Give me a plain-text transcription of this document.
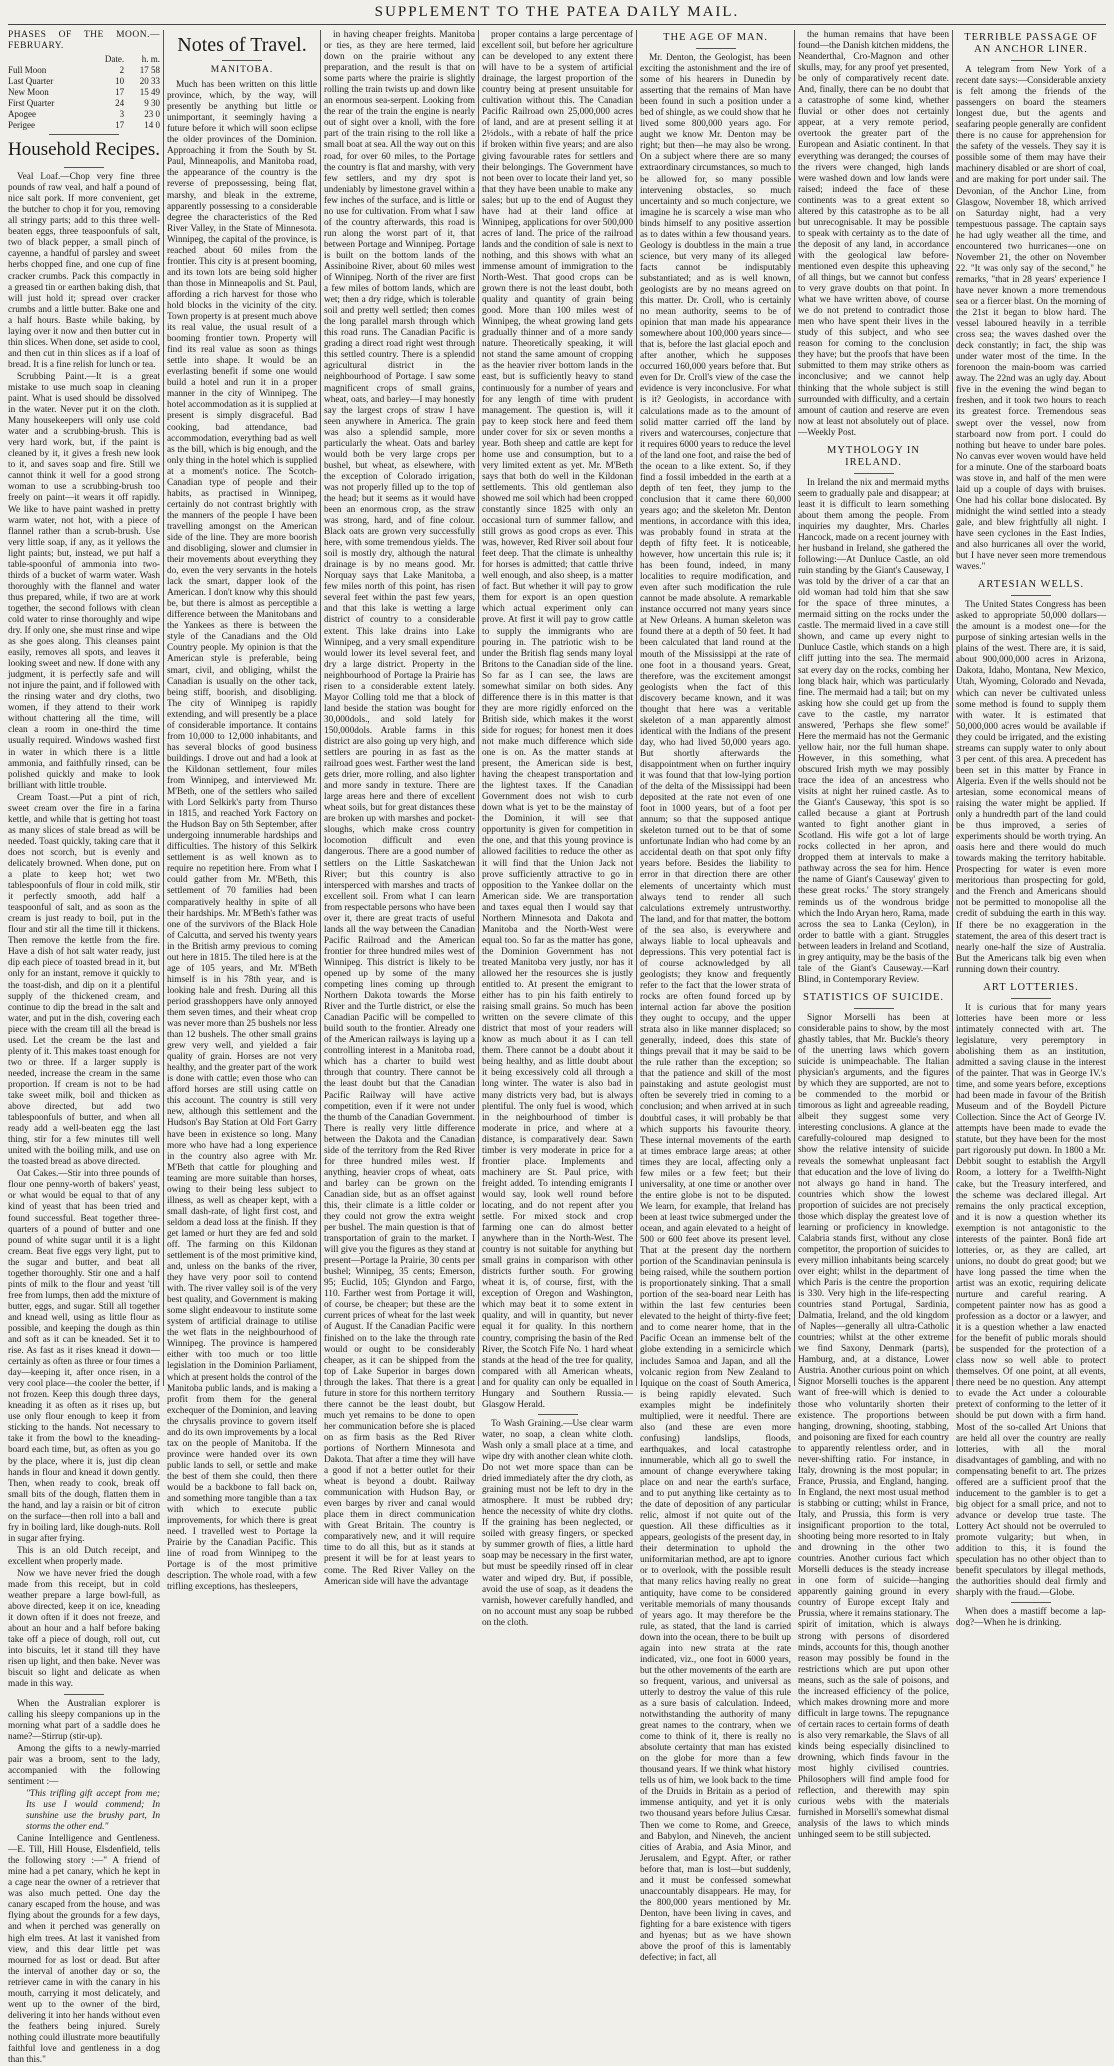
SUPPLEMENT TO THE PATEA DAILY MAIL.
PHASES OF THE MOON.—FEBRUARY.
	Date.	h. m.
Full Moon	2	17 58
Last Quarter	10	20 33
New Moon	17	15 49
First Quarter	24	9 30
Apogee	3	23 0
Perigee	17	14 0
Household Recipes.

Veal Loaf.—Chop very fine three pounds of raw veal, and half a pound of nice salt pork. If more convenient, get the butcher to chop it for you, removing all stringy parts; add to this three well-beaten eggs, three teaspoonfuls of salt, two of black pepper, a small pinch of cayenne, a handful of parsley and sweet herbs chopped fine, and one cup of fine cracker crumbs. Pack this compactly in a greased tin or earthen baking dish, that will just hold it; spread over cracker crumbs and a little butter. Bake one and a half hours. Baste while baking, by laying over it now and then butter cut in thin slices. When done, set aside to cool, and then cut in thin slices as if a loaf of bread. It is a fine relish for lunch or tea.

Scrubbing Paint.—It is a great mistake to use much soap in cleaning paint. What is used should be dissolved in the water. Never put it on the cloth. Many housekeepers will only use cold water and a scrubbing-brush. This is very hard work, but, if the paint is cleaned by it, it gives a fresh new look to it, and saves soap and fire. Still we cannot think it well for a good strong woman to use a scrubbing-brush too freely on paint—it wears it off rapidly. We like to have paint washed in pretty warm water, not hot, with a piece of flannel rather than a scrub-brush. Use very little soap, if any, as it yellows the light paints; but, instead, we put half a table-spoonful of ammonia into two-thirds of a bucket of warm water. Wash thoroughly with the flannel and water thus prepared, while, if two are at work together, the second follows with clean cold water to rinse thoroughly and wipe dry. If only one, she must rinse and wipe as she goes along. This cleanses paint easily, removes all spots, and leaves it looking sweet and new. If done with any judgment, it is perfectly safe and will not injure the paint, and if followed with the rinsing water and dry cloths, two women, if they attend to their work without chattering all the time, will clean a room in one-third the time usually required. Windows washed first in water in which there is a little ammonia, and faithfully rinsed, can be polished quickly and make to look brilliant with little trouble.

Cream Toast.—Put a pint of rich, sweet cream over the fire in a farina kettle, and while that is getting hot toast as many slices of stale bread as will be needed. Toast quickly, taking care that it does not scorch, but is evenly and delicately browned. When done, put on a plate to keep hot; wet two tablespoonfuls of flour in cold milk, stir it perfectly smooth, add half a teaspoonful of salt, and as soon as the cream is just ready to boil, put in the flour and stir all the time till it thickens. Then remove the kettle from the fire. Have a dish of hot salt water ready, just dip each piece of toasted bread in it, but only for an instant, remove it quickly to the toast-dish, and dip on it a plentiful supply of the thickened cream, and continue to dip the bread in the salt and water, and put in the dish, covering each piece with the cream till all the bread is used. Let the cream be the last and plenty of it. This makes toast enough for two or three. If a larger supply is needed, increase the cream in the same proportion. If cream is not to be had take sweet milk, boil and thicken as above directed, but add two tablespoonfuls of butter, and when all ready add a well-beaten egg the last thing, stir for a few minutes till well united with the boiling milk, and use on the toasted bread as above directed.

Oat Cakes.—Stir into three pounds of flour one penny-worth of bakers' yeast, or what would be equal to that of any kind of yeast that has been tried and found successful. Beat together three-quarters of a pound of butter and one pound of white sugar until it is a light cream. Beat five eggs very light, put to the sugar and butter, and beat all together thoroughly. Stir one and a half pints of milk to the flour and yeast 'till free from lumps, then add the mixture of butter, eggs, and sugar. Still all together and knead well, using as little flour as possible, and keeping the dough as thin and soft as it can be kneaded. Set it to rise. As fast as it rises knead it down—certainly as often as three or four times a day—keeping it, after once risen, in a very cool place—the cooler the better, if not frozen. Keep this dough three days, kneading it as often as it rises up, but use only flour enough to keep it from sticking to the hands. Not necessary to take it from the bowl to the kneading-board each time, but, as often as you go by the place, where it is, just dip clean hands in flour and knead it down gently. Then, when ready to cook, break off small bits of the dough, flatten them in the hand, and lay a raisin or bit of citron on the surface—then roll into a ball and fry in boiling lard, like dough-nuts. Roll in sugar after frying.

This is an old Dutch receipt, and excellent when properly made.

Now we have never fried the dough made from this receipt, but in cold weather prepare a large bowl-full, as above directed, keep it on ice, kneading it down often if it does not freeze, and about an hour and a half before baking take off a piece of dough, roll out, cut into biscuits, let it stand till they have risen up light, and then bake. Never was biscuit so light and delicate as when made in this way.

When the Australian explorer is calling his sleepy companions up in the morning what part of a saddle does he name?—Stirrup (stir-up).

Among the gifts to a newly-married pair was a broom, sent to the lady, accompanied with the following sentiment :—

"This trifling gift accept from me; Its use I would commend; In sunshine use the brushy part, In storms the other end."

Canine Intelligence and Gentleness.—E. Till, Hill House, Elsdenfield, tells the following story :—" A friend of mine had a pet canary, which he kept in a cage near the owner of a retriever that was also much petted. One day the canary escaped from the house, and was flying about the grounds for a few days, and when it perched was generally on high elm trees. At last it vanished from view, and this dear little pet was mourned for as lost or dead. But after the interval of another day or so, the retriever came in with the canary in his mouth, carrying it most delicately, and went up to the owner of the bird, delivering it into her hands without even the feathers being injured. Surely nothing could illustrate more beautifully faithful love and gentleness in a dog than this."

Notes of Travel.
MANITOBA.

Much has been written on this little province, which, by the way, will presently be anything but little or unimportant, it seemingly having a future before it which will soon eclipse the older provinces of the Dominion. Approaching it from the South by St. Paul, Minneapolis, and Manitoba road, the appearance of the country is the reverse of prepossessing, being flat, marshy, and bleak in the extreme, apparently possessing to a considerable degree the characteristics of the Red River Valley, in the State of Minnesota. Winnipeg, the capital of the province, is reached about 60 miles from the frontier. This city is at present booming, and its town lots are being sold higher than those in Minneapolis and St. Paul, affording a rich harvest for those who hold blocks in the vicinity of the city. Town property is at present much above its real value, the usual result of a booming frontier town. Property will find its real value as soon as things settle into shape. It would be an everlasting benefit if some one would build a hotel and run it in a proper manner in the city of Winnipeg. The hotel accommodation as it is supplied at present is simply disgraceful. Bad cooking, bad attendance, bad accommodation, everything bad as well as the bill, which is big enough, and the only thing in the hotel which is supplied at a moment's notice. The Scotch-Canadian type of people and their habits, as practised in Winnipeg, certainly do not contrast brightly with the manners of the people I have been travelling amongst on the American side of the line. They are more boorish and disobliging, slower and clumsier in their movements about everything they do, even the very servants in the hotels lack the smart, dapper look of the American. I don't know why this should be, but there is almost as perceptible a difference between the Manitobans and the Yankees as there is between the style of the Canadians and the Old Country people. My opinion is that the American style is preferable, being smart, civil, and obliging, whilst the Canadian is usually on the other tack, being stiff, boorish, and disobliging. The city of Winnipeg is rapidly extending, and will presently be a place of considerable importance. It contains from 10,000 to 12,000 inhabitants, and has several blocks of good business buildings. I drove out and had a look at the Kildonan settlement, four miles from Winnipeg, and interviewed Mr. M'Beth, one of the settlers who sailed with Lord Selkirk's party from Thurso in 1815, and reached York Factory on the Hudson Bay on 5th September, after undergoing innumerable hardships and difficulties. The history of this Selkirk settlement is as well known as to require no repetition here. From what I could gather from Mr. M'Beth, this settlement of 70 families had been comparatively healthy in spite of all their hardships. Mr. M'Beth's father was one of the survivors of the Black Hole of Calcutta, and served his twenty years in the British army previous to coming out here in 1815. The tiled here is at the age of 105 years, and Mr. M'Beth himself is in his 78th year, and is looking hale and fresh. During all this period grasshoppers have only annoyed them seven times, and their wheat crop was never more than 25 bushels nor less than 12 bushels. The other small grains grew very well, and yielded a fair quality of grain. Horses are not very healthy, and the greater part of the work is done with cattle; even those who can afford horses are still using cattle on this account. The country is still very new, although this settlement and the Hudson's Bay Station at Old Fort Garry have been in existence so long. Many more who have had a long experience in the country also agree with Mr. M'Beth that cattle for ploughing and teaming are more suitable than horses, owing to their being less subject to illness, as well as cheaper kept, with a small dash-rate, of light first cost, and seldom a dead loss at the finish. If they get lamed or hurt they are fed and sold off. The farming on this Kildonan settlement is of the most primitive kind, and, unless on the banks of the river, they have very poor soil to contend with. The river valley soil is of the very best quality, and Government is making some slight endeavour to institute some system of artificial drainage to utilise the wet flats in the neighbourhood of Winnipeg. The province is hampered either with too much or too little legislation in the Dominion Parliament, which at present holds the control of the Manitoba public lands, and is making a profit from them for the general exchequer of the Dominion, and leaving the chrysalis province to govern itself and do its own improvements by a local tax on the people of Manitoba. If the province were handed over its own public lands to sell, or settle and make the best of them she could, then there would be a backbone to fall back on, and something more tangible than a tax with which to execute public improvements, for which there is great need. I travelled west to Portage la Prairie by the Canadian Pacific. This line of road from Winnipeg to the Portage is of the most primitive description. The whole road, with a few trifling exceptions, has thesleepers,

in having cheaper freights. Manitoba or ties, as they are here termed, laid down on the prairie without any preparation, and the result is that on some parts where the prairie is slightly rolling the train twists up and down like an enormous sea-serpent. Looking from the rear of the train the engine is nearly out of sight over a knoll, with the fore part of the train rising to the roll like a small boat at sea. All the way out on this road, for over 60 miles, to the Portage the country is flat and marshy, with very few settlers, and my dry spot is undeniably by limestone gravel within a few inches of the surface, and is little or no use for cultivation. From what I saw of the country afterwards, this road is run along the worst part of it, that between Portage and Winnipeg. Portage is built on the bottom lands of the Assiniboine River, about 60 miles west of Winnipeg. North of the river are first a few miles of bottom lands, which are wet; then a dry ridge, which is tolerable soil and pretty well settled; then comes the long parallel marsh through which this road runs. The Canadian Pacific is grading a direct road right west through this settled country. There is a splendid agricultural district in the neighbourhood of Portage. I saw some magnificent crops of small grains, wheat, oats, and barley—I may honestly say the largest crops of straw I have seen anywhere in America. The grain was also a splendid sample, more particularly the wheat. Oats and barley would both be very large crops per bushel, but wheat, as elsewhere, with the exception of Colorado irrigation, was not properly filled up to the top of the head; but it seems as it would have been an enormous crop, as the straw was strong, hard, and of fine colour. Black oats are grown very successfully here, with some tremendous yields. The soil is mostly dry, although the natural drainage is by no means good. Mr. Norquay says that Lake Manitoba, a few miles north of this point, has risen several feet within the past few years, and that this lake is wetting a large district of country to a considerable extent. This lake drains into Lake Winnipeg, and a very small expenditure would lower its level several feet, and dry a large district. Property in the neighbourhood of Portage la Prairie has risen to a considerable extent lately. Mayor Colling told me that a block of land beside the station was bought for 30,000dols., and sold lately for 150,000dols. Arable farms in this district are also going up very high, and settlers are pouring in as fast as the railroad goes west. Farther west the land gets drier, more rolling, and also lighter and more sandy in texture. There are large areas here and there of excellent wheat soils, but for great distances these are broken up with marshes and pocket-sloughs, which make cross country locomotion difficult and even dangerous. There are a good number of settlers on the Little Saskatchewan River; but this country is also intersperced with marshes and tracts of excellent soil. From what I can learn from respectable persons who have been over it, there are great tracts of useful lands all the way between the Canadian Pacific Railroad and the American frontier for three hundred miles west of Winnipeg. This district is likely to be opened up by some of the many competing lines coming up through Northern Dakota towards the Morse River and the Turtle district, or else the Canadian Pacific will be compelled to build south to the frontier. Already one of the American railways is laying up a controlling interest in a Manitoba road, which has a charter to build west through that country. There cannot be the least doubt but that the Canadian Pacific Railway will have active competition, even if it were not under the thumb of the Canadian Government. There is really very little difference between the Dakota and the Canadian side of the territory from the Red River for three hundred miles west. If anything, heavier crops of wheat, oats and barley can be grown on the Canadian side, but as an offset against this, their climate is a little colder or they could not grow the extra weight per bushel. The main question is that of transportation of grain to the market. I will give you the figures as they stand at present—Portage la Prairie, 30 cents per bushel; Winnipeg, 35 cents; Emerson, 95; Euclid, 105; Glyndon and Fargo, 110. Farther west from Portage it will, of course, be cheaper; but these are the current prices of wheat for the last week of August. If the Canadian Pacific were finished on to the lake the through rate would or ought to be considerably cheaper, as it can be shipped from the top of Lake Superior in barges down through the lakes. That there is a great future in store for this northern territory there cannot be the least doubt, but much yet remains to be done to open her communication before she is placed on as firm basis as the Red River portions of Northern Minnesota and Dakota. That after a time they will have a good if not a better outlet for their wheat is beyond a doubt. Railway communication with Hudson Bay, or even barges by river and canal would place them in direct communication with Great Britain. The country is comparatively new, and it will require time to do all this, but as it stands at present it will be for at least years to come. The Red River Valley on the American side will have the advantage

proper contains a large percentage of excellent soil, but before her agriculture can be developed to any extent there will have to be a system of artificial drainage, the largest proportion of the country being at present unsuitable for cultivation without this. The Canadian Pacific Railroad own 25,000,000 acres of land, and are at present selling it at 2½dols., with a rebate of half the price if broken within five years; and are also giving favourable rates for settlers and their belongings. The Government have not been over to locate their land yet, so that they have been unable to make any sales; but up to the end of August they have had at their land office at Winnipeg, applications for over 500,000 acres of land. The price of the railroad lands and the condition of sale is next to nothing, and this shows with what an immense amount of immigration to the North-West. That good crops can be grown there is not the least doubt, both quality and quantity of grain being good. More than 100 miles west of Winnipeg, the wheat growing land gets gradually thinner and of a more sandy nature. Theoretically speaking, it will not stand the same amount of cropping as the heavier river bottom lands in the east, but is sufficiently heavy to stand continuously for a number of years and for any length of time with prudent management. The question is, will it pay to keep stock here and feed them under cover for six or seven months a year. Both sheep and cattle are kept for home use and consumption, but to a very limited extent as yet. Mr. M'Beth says that both do well in the Kildonan settlements. This old gentleman also showed me soil which had been cropped constantly since 1825 with only an occasional turn of summer fallow, and still grows as good crops as ever. This was, however, Red River soil about four feet deep. That the climate is unhealthy for horses is admitted; that cattle thrive well enough, and also sheep, is a matter of fact. But whether it will pay to grow them for export is an open question which actual experiment only can prove. At first it will pay to grow cattle to supply the immigrants who are pouring in. The patriotic wish to be under the British flag sends many loyal Britons to the Canadian side of the line. So far as I can see, the laws are somewhat similar on both sides. Any difference there is in this matter is that they are more rigidly enforced on the British side, which makes it the worst side for rogues; for honest men it does not make much difference which side one is on. As the matter stands at present, the American side is best, having the cheapest transportation and the lightest taxes. If the Canadian Government does not wish to curb down what is yet to be the mainstay of the Dominion, it will see that opportunity is given for competition in the one, and that this young province is allowed facilities to reduce the other as it will find that the Union Jack not prove sufficiently attractive to go in opposition to the Yankee dollar on the American side. We are transportation and taxes equal then I would say that Northern Minnesota and Dakota and Manitoba and the North-West were equal too. So far as the matter has gone, the Dominion Government has not treated Manitoba very justly, nor has it allowed her the resources she is justly entitled to. At present the emigrant to either has to pin his faith entirely to raising small grains. So much has been written on the severe climate of this district that most of your readers will know as much about it as I can tell them. There cannot be a doubt about it being healthy, and as little doubt about it being excessively cold all through a long winter. The water is also bad in many districts very bad, but is always plentiful. The only fuel is wood, which in the neighbourhood of timber is moderate in price, and where at a distance, is comparatively dear. Sawn timber is very moderate in price for a frontier place. Implements and machinery are St. Paul price, with freight added. To intending emigrants I would say, look well round before locating, and do not repent after you settle. For mixed stock and crop farming one can do almost better anywhere than in the North-West. The country is not suitable for anything but small grains in comparison with other districts further south. For growing wheat it is, of course, first, with the exception of Oregon and Washington, which may beat it to some extent in quality, and will in quantity, but never equal it for quality. In this northern country, comprising the basin of the Red River, the Scotch Fife No. 1 hard wheat stands at the head of the tree for quality, compared with all American wheats, and for quality can only be equalled in Hungary and Southern Russia.—Glasgow Herald.

To Wash Graining.—Use clear warm water, no soap, a clean white cloth. Wash only a small place at a time, and wipe dry with another clean white cloth. Do not wet more space than can be dried immediately after the dry cloth, as graining must not be left to dry in the atmosphere. It must be rubbed dry; hence the necessity of white dry cloths. If the graining has been neglected, or soiled with greasy fingers, or specked by summer growth of flies, a little hard soap may be necessary in the first water, but must be speedily rinsed off in clear water and wiped dry. But, if possible, avoid the use of soap, as it deadens the varnish, however carefully handled, and on no account must any soap be rubbed on the cloth.

THE AGE OF MAN.

Mr. Denton, the Geologist, has been exciting the astonishment and the ire of some of his hearers in Dunedin by asserting that the remains of Man have been found in such a position under a bed of shingle, as we could show that he lived some 800,000 years ago. For aught we know Mr. Denton may be right; but then—he may also be wrong. On a subject where there are so many extraordinary circumstances, so much to be allowed for, so many possible intervening obstacles, so much uncertainty and so much conjecture, we imagine he is scarcely a wise man who binds himself to any positive assertion as to dates within a few thousand years. Geology is doubtless in the main a true science, but very many of its alleged facts cannot be indisputably substantiated; and as is well known, geologists are by no means agreed on this matter. Dr. Croll, who is certainly no mean authority, seems to be of opinion that man made his appearance somewhere about 100,000 years since—that is, before the last glacial epoch and after another, which he supposes occurred 160,000 years before that. But even for Dr. Croll's view of the case the evidence is very inconclusive. For what is it? Geologists, in accordance with calculations made as to the amount of solid matter carried off the land by rivers and watercourses, conjecture that it requires 6000 years to reduce the level of the land one foot, and raise the bed of the ocean to a like extent. So, if they find a fossil imbedded in the earth at a depth of ten feet, they jump to the conclusion that it came there 60,000 years ago; and the skeleton Mr. Denton mentions, in accordance with this idea, was probably found in strata at the depth of fifty feet. It is noticeable, however, how uncertain this rule is; it has been found, indeed, in many localities to require modification, and even after such modification the rule cannot be made absolute. A remarkable instance occurred not many years since at New Orleans. A human skeleton was found there at a depth of 50 feet. It had been calculated that land round at the mouth of the Mississippi at the rate of one foot in a thousand years. Great, therefore, was the excitement amongst geologists when the fact of this discovery became known, and it was thought that here was a veritable skeleton of a man apparently almost identical with the Indians of the present day, who had lived 50,000 years ago. But shortly afterwards the disappointment when on further inquiry it was found that that low-lying portion of the delta of the Mississippi had been deposited at the rate not even of one foot in 1000 years, but of a foot per annum; so that the supposed antique skeleton turned out to be that of some unfortunate Indian who had come by an accidental death on that spot only fifty years before. Besides the liability to error in that direction there are other elements of uncertainty which must always tend to render all such calculations extremely untrustworthy. The land, and for that matter, the bottom of the sea also, is everywhere and always liable to local upheavals and depressions. This very potential fact is of course acknowledged by all geologists; they know and frequently refer to the fact that the lower strata of rocks are often found forced up by internal action far above the position they ought to occupy, and the upper strata also in like manner displaced; so generally, indeed, does this state of things prevail that it may be said to be the rule rather than the exception; so that the patience and skill of the most painstaking and astute geologist must often be severely tried in coming to a conclusion; and when arrived at in such doubtful cases, it will probably be that which supports his favourite theory. These internal movements of the earth at times embrace large areas; at other times they are local, affecting only a few miles or a few feet; but their universality, at one time or another over the entire globe is not to be disputed. We learn, for example, that Ireland has been at least twice submerged under the ocean, and again elevated to a height of 500 or 600 feet above its present level. That at the present day the northern portion of the Scandinavian peninsula is being raised, while the southern portion is proportionately sinking. That a small portion of the sea-board near Leith has within the last few centuries been elevated to the height of thirty-five feet; and to come nearer home, that in the Pacific Ocean an immense belt of the globe extending in a semicircle which includes Samoa and Japan, and all the volcanic region from New Zealand to Iquique on the coast of South America, is being rapidly elevated. Such examples might be indefinitely multiplied, were it needful. There are also (and these are even more confusing) landslips, floods, earthquakes, and local catastrophe innumerable, which all go to swell the amount of change everywhere taking place on and near the earth's surface, and to put anything like certainty as to the date of deposition of any particular relic, almost if not quite out of the question. All these difficulties as it appears, geologists of the present day, in their determination to uphold the uniformitarian method, are apt to ignore or to overlook, with the possible result that many relics having really no great antiquity, have come to be considered veritable memorials of many thousands of years ago. It may therefore be the rule, as stated, that the land is carried down into the ocean, there to be built up again into new strata at the rate indicated, viz., one foot in 6000 years, but the other movements of the earth are so frequent, various, and universal as utterly to destroy the value of this rule as a sure basis of calculation. Indeed, notwithstanding the authority of many great names to the contrary, when we come to think of it, there is really no absolute certainty that man has existed on the globe for more than a few thousand years. If we think what history tells us of him, we look back to the time of the Druids in Britain as a period of immense antiquity, and yet it is only two thousand years before Julius Cæsar. Then we come to Rome, and Greece, and Babylon, and Nineveh, the ancient cities of Arabia, and Asia Minor, and Jerusalem, and Egypt. After, or rather before that, man is lost—but suddenly, and it must be confessed somewhat unaccountably disappears. He may, for the 800,000 years mentioned by Mr. Denton, have been living in caves, and fighting for a bare existence with tigers and hyenas; but as we have shown above the proof of this is lamentably defective; in fact, all

the human remains that have been found—the Danish kitchen middens, the Neanderthal, Cro-Magnon and other skulls, may, for any proof yet presented, be only of comparatively recent date. And, finally, there can be no doubt that a catastrophe of some kind, whether fluvial or other does not certainly appear, at a very remote period, overtook the greater part of the European and Asiatic continent. In that everything was deranged; the courses of the rivers were changed, high lands were washed down and low lands were raised; indeed the face of these continents was to a great extent so altered by this catastrophe as to be all but unrecognisable. It may be possible to speak with certainty as to the date of the deposit of any land, in accordance with the geological law before-mentioned even despite this upheaving of all things, but we cannot but confess to very grave doubts on that point. In what we have written above, of course we do not pretend to contradict those men who have spent their lives in the study of this subject, and who see reason for coming to the conclusion they have; but the proofs that have been submitted to them may strike others as inconclusive; and we cannot help thinking that the whole subject is still surrounded with difficulty, and a certain amount of caution and reserve are even now at least not absolutely out of place.—Weekly Post.

MYTHOLOGY IN IRELAND.

In Ireland the nix and mermaid myths seem to gradually pale and disappear; at least it is difficult to learn something about them among the people. From inquiries my daughter, Mrs. Charles Hancock, made on a recent journey with her husband in Ireland, she gathered the following:—At Dunluce Castle, an old ruin standing by the Giant's Causeway, I was told by the driver of a car that an old woman had told him that she saw for the space of three minutes, a mermaid sitting on the rocks under the castle. The mermaid lived in a cave still shown, and came up every night to Dunluce Castle, which stands on a high cliff jutting into the sea. The mermaid sat every day on the rocks, combing her long black hair, which was particularly fine. The mermaid had a tail; but on my asking how she could get up from the cave to the castle, my narrator answered, 'Perhaps she flew some!' Here the mermaid has not the Germanic yellow hair, nor the full human shape. However, in this something, what obscured Irish myth we may possibly trace the idea of an ancestress who visits at night her ruined castle. As to the Giant's Causeway, 'this spot is so called because a giant at Portrush wanted to fight another giant in Scotland. His wife got a lot of large rocks collected in her apron, and dropped them at intervals to make a pathway across the sea for him. Hence the name of Giant's Causeway' given to these great rocks.' The story strangely reminds us of the wondrous bridge which the Indo Aryan hero, Rama, made across the sea to Lanka (Ceylon), in order to battle with a giant. Struggles between leaders in Ireland and Scotland, in grey antiquity, may be the basis of the tale of the Giant's Causeway.—Karl Blind, in Contemporary Review.

STATISTICS OF SUICIDE.

Signor Morselli has been at considerable pains to show, by the most ghastly tables, that Mr. Buckle's theory of the unerring laws which govern suicide is unimpeachable. The Italian physician's arguments, and the figures by which they are supported, are not to be commended to the morbid or timorous as light and agreeable reading, albeit they suggest some very interesting conclusions. A glance at the carefully-coloured map designed to show the relative intensity of suicide reveals the somewhat unpleasant fact that education and the love of living do not always go hand in hand. The countries which show the lowest proportion of suicides are not precisely those which display the greatest love of learning or proficiency in knowledge. Calabria stands first, without any close competitor, the proportion of suicides to every million inhabitants being scarcely over eight; whilst in the department of which Paris is the centre the proportion is 330. Very high in the life-respecting countries stand Portugal, Sardinia, Dalmatia, Ireland, and the old kingdom of Naples—generally all ultra-Catholic countries; whilst at the other extreme we find Saxony, Denmark (parts), Hamburg, and, at a distance, Lower Austria. Another curious point on which Signor Morselli touches is the apparent want of free-will which is denied to those who voluntarily shorten their existence. The proportions between hanging, drowning, shooting, stabbing, and poisoning are fixed for each country to apparently relentless order, and in never-shifting ratio. For instance, in Italy, drowning is the most popular; in France, Prussia, and England, hanging. In England, the next most usual method is stabbing or cutting; whilst in France, Italy, and Prussia, this form is very insignificant proportion to the total, shooting being more resorted to in Italy and drowning in the other two countries. Another curious fact which Morselli deduces is the steady increase in one form of suicide—hanging apparently gaining ground in every country of Europe except Italy and Prussia, where it remains stationary. The spirit of imitation, which is always strong with persons of disordered minds, accounts for this, though another reason may possibly be found in the restrictions which are put upon other means, such as the sale of poisons, and the increased efficiency of the police, which makes drowning more and more difficult in large towns. The repugnance of certain races to certain forms of death is also very remarkable, the Slavs of all kinds being especially disinclined to drowning, which finds favour in the most highly civilised countries. Philosophers will find ample food for reflection, and therewith may spin curious webs with the materials furnished in Morselli's somewhat dismal analysis of the laws to which minds unhinged seem to be still subjected.

TERRIBLE PASSAGE OF AN ANCHOR LINER.

A telegram from New York of a recent date says:—Considerable anxiety is felt among the friends of the passengers on board the steamers longest due, but the agents and seafaring people generally are confident there is no cause for apprehension for the safety of the vessels. They say it is possible some of them may have their machinery disabled or are short of coal, and are making for port under sail. The Devonian, of the Anchor Line, from Glasgow, November 18, which arrived on Saturday night, had a very tempestuous passage. The captain says he had ugly weather all the time, and encountered two hurricanes—one on November 21, the other on November 22. "It was only say of the second," he remarks, "that in 28 years' experience I have never known a more tremendous sea or a fiercer blast. On the morning of the 21st it began to blow hard. The vessel laboured heavily in a terrible cross sea; the waves dashed over the deck constantly; in fact, the ship was under water most of the time. In the forenoon the main-boom was carried away. The 22nd was an ugly day. About five in the evening the wind began to freshen, and it took two hours to reach its greatest force. Tremendous seas swept over the vessel, now from starboard now from port. I could do nothing but heave to under bare poles. No canvas ever woven would have held for a minute. One of the starboard boats was stove in, and half of the men were laid up a couple of days with bruises. One had his collar bone dislocated. By midnight the wind settled into a steady gale, and blew frightfully all night. I have seen cyclones in the East Indies, and also hurricanes all over the world, but I have never seen more tremendous waves."

ARTESIAN WELLS.

The United States Congress has been asked to appropriate 50,000 dollars—the amount is a modest one—for the purpose of sinking artesian wells in the plains of the west. There are, it is said, about 900,000,000 acres in Arizona, Dakota, Idaho, Montana, New Mexico, Utah, Wyoming, Colorado and Nevada, which can never be cultivated unless some method is found to supply them with water. It is estimated that 50,000,000 acres would be available if they could be irrigated, and the existing streams can supply water to only about 3 per cent. of this area. A precedent has been set in this matter by France in Algeria. Even if the wells should not be artesian, some economical means of raising the water might be applied. If only a hundredth part of the land could be thus improved, a series of experiments should be worth trying. An oasis here and there would do much towards making the territory habitable. Prospecting for water is even more meritorious than prospecting for gold, and the French and Americans should not be permitted to monopolise all the credit of subduing the earth in this way. If there be no exaggeration in the statement, the area of this desert tract is nearly one-half the size of Australia. But the Americans talk big even when running down their country.

ART LOTTERIES.

It is curious that for many years lotteries have been more or less intimately connected with art. The legislature, very peremptory in abolishing them as an institution, admitted a saving clause in the interest of the painter. That was in George IV.'s time, and some years before, exceptions had been made in favour of the British Museum and of the Boydell Picture Collection. Since the Act of George IV. attempts have been made to evade the statute, but they have been for the most part rigorously put down. In 1800 a Mr. Debbit sought to establish the Argyll Room, a lottery for a Twelfth-Night cake, but the Treasury interfered, and the scheme was declared illegal. Art remains the only practical exception, and it is now a question whether its exemption is not antagonistic to the interests of the painter. Bonâ fide art lotteries, or, as they are called, art unions, no doubt do great good; but we have long passed the time when the artist was an exotic, requiring delicate nurture and careful rearing. A competent painter now has as good a profession as a doctor or a lawyer, and it is a question whether a law enacted for the benefit of public morals should be suspended for the protection of a class now so well able to protect themselves. Of one point, at all events, there need be no question. Any attempt to evade the Act under a colourable pretext of conforming to the letter of it should be put down with a firm hand. Most of the so-called Art Unions that are held all over the country are really lotteries, with all the moral disadvantages of gambling, and with no compensating benefit to art. The prizes offered are a sufficient proof that the inducement to the gambler is to get a big object for a small price, and not to advance or develop true taste. The Lottery Act should not be overruled to promote vulgarity; but when, in addition to this, it is found the speculation has no other object than to benefit speculators by illegal methods, the authorities should deal firmly and sharply with the fraud.—Globe.

When does a mastiff become a lap-dog?—When he is drinking.
